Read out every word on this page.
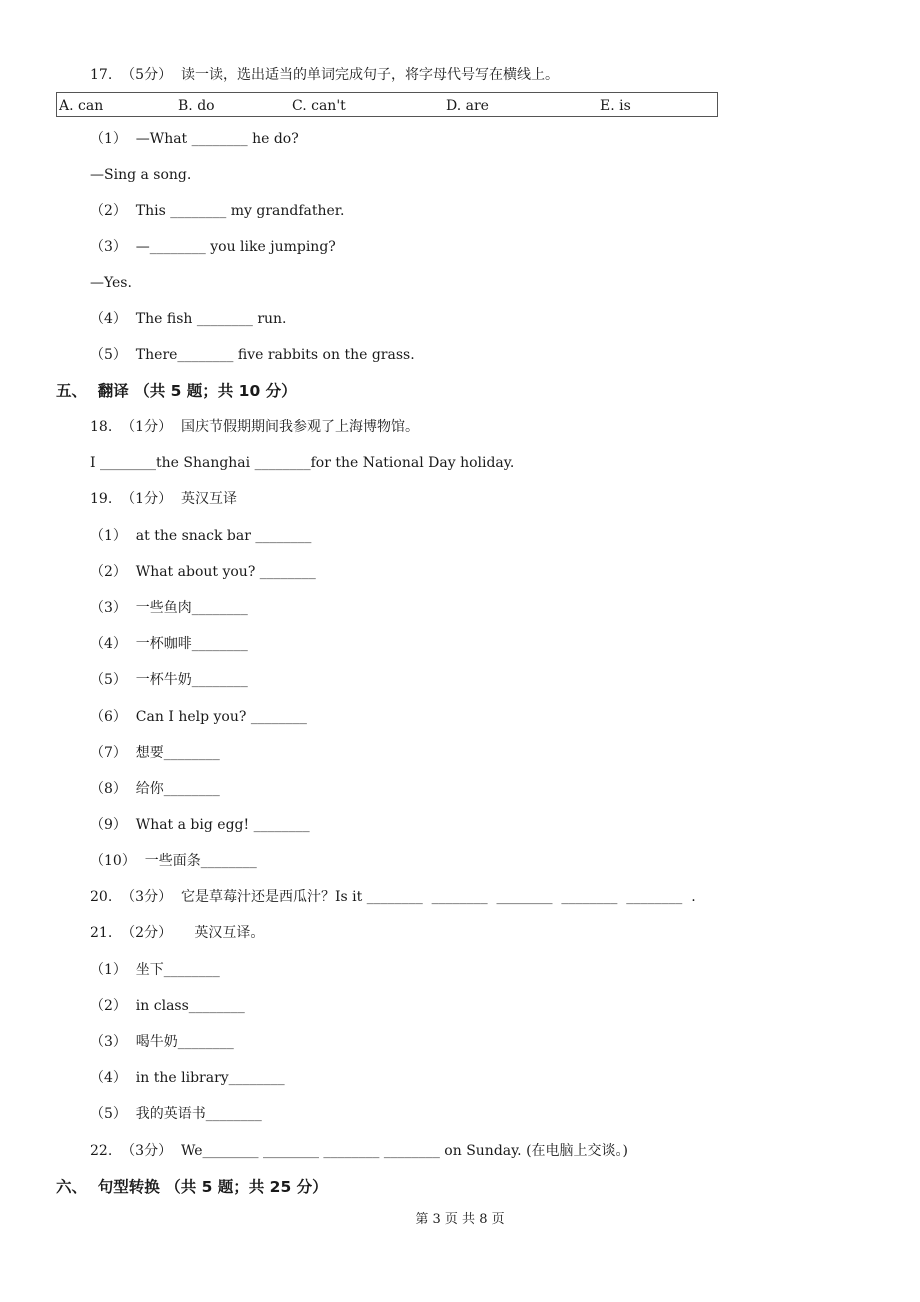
17.  （5分）  读一读，选出适当的单词完成句子，将字母代号写在横线上。
A. can	B. do	C. can't	D. are	E. is
（1）  —What ________ he do?
—Sing a song.
（2）  This ________ my grandfather.
（3）  —________ you like jumping?
—Yes.
（4）  The fish ________ run.
（5）  There________ five rabbits on the grass.
五、  翻译 （共 5 题；共 10 分）
18.  （1分）  国庆节假期期间我参观了上海博物馆。
I ________the Shanghai ________for the National Day holiday.
19.  （1分）  英汉互译
（1）  at the snack bar ________
（2）  What about you? ________
（3）  一些鱼肉________
（4）  一杯咖啡________
（5）  一杯牛奶________
（6）  Can I help you? ________
（7）  想要________
（8）  给你________
（9）  What a big egg! ________
（10）  一些面条________
20.  （3分）  它是草莓汁还是西瓜汁？Is it ________  ________  ________  ________  ________  .
21.  （2分）     英汉互译。
（1）  坐下________
（2）  in class________
（3）  喝牛奶________
（4）  in the library________
（5）  我的英语书________
22.  （3分）  We________ ________ ________ ________ on Sunday. (在电脑上交谈。)
六、  句型转换 （共 5 题；共 25 分）
第 3 页 共 8 页
